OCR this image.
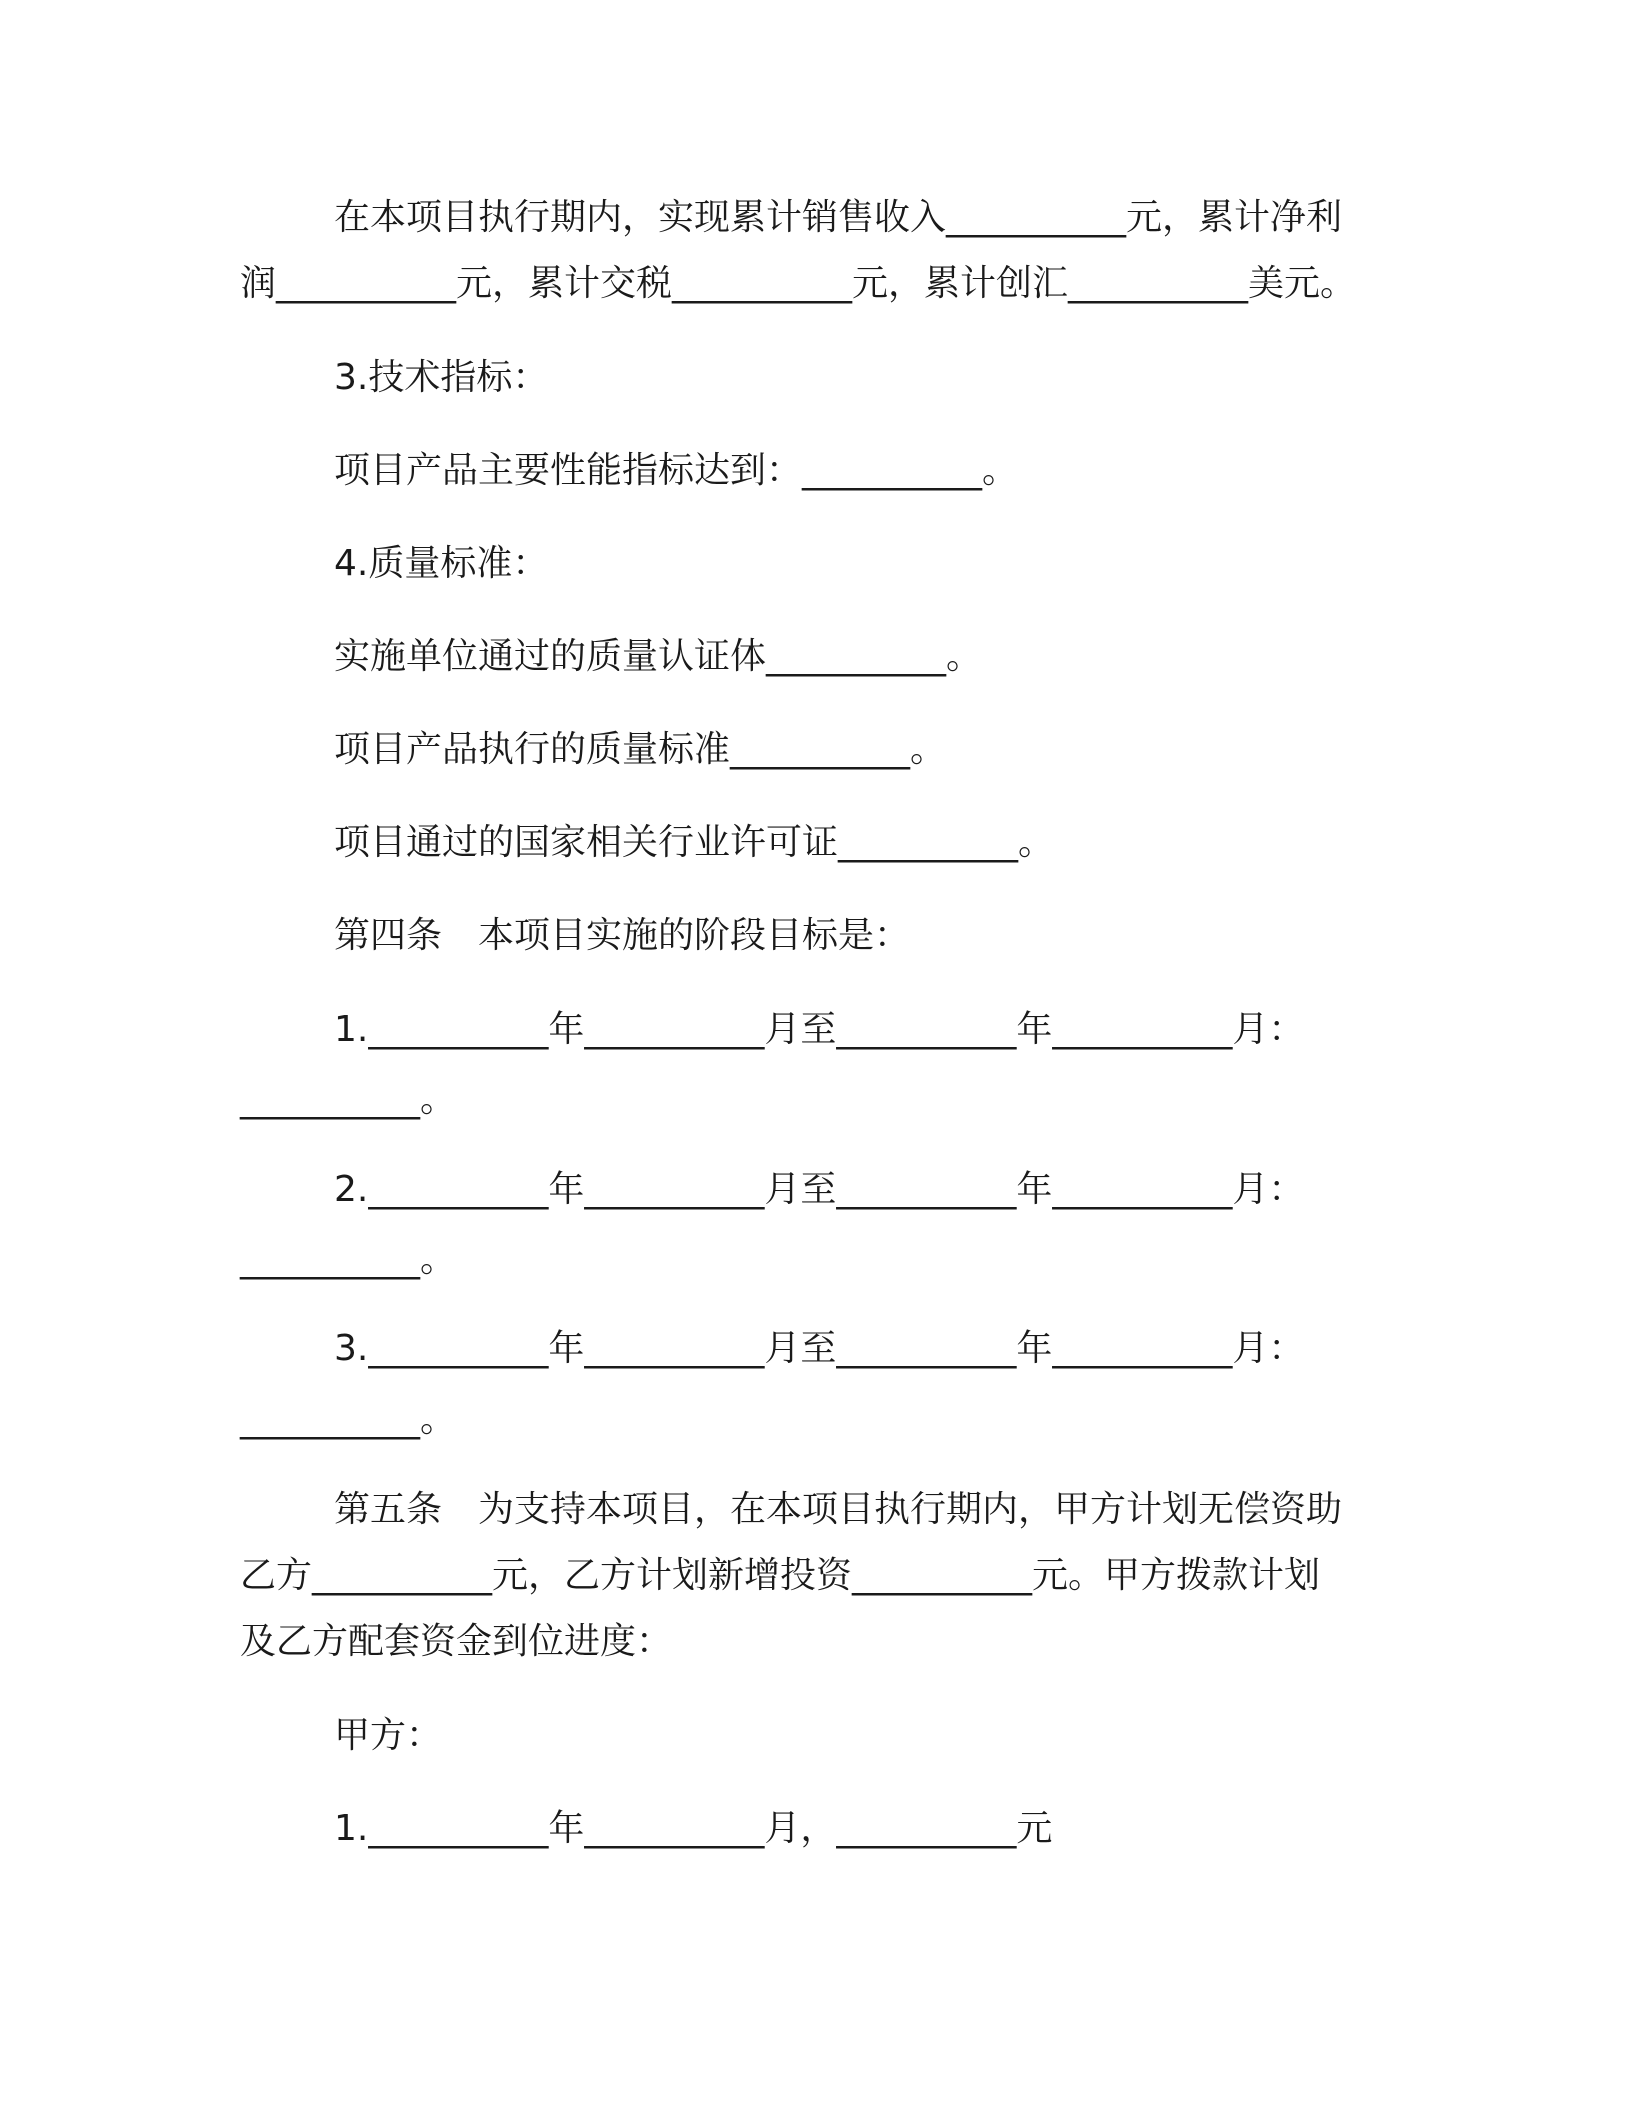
在本项目执行期内，实现累计销售收入__________元，累计净利
润__________元，累计交税__________元，累计创汇__________美元。
3.技术指标：
项目产品主要性能指标达到：__________。
4.质量标准：
实施单位通过的质量认证体__________。
项目产品执行的质量标准__________。
项目通过的国家相关行业许可证__________。
第四条　本项目实施的阶段目标是：
1.__________年__________月至__________年__________月：
__________。
2.__________年__________月至__________年__________月：
__________。
3.__________年__________月至__________年__________月：
__________。
第五条　为支持本项目，在本项目执行期内，甲方计划无偿资助
乙方__________元，乙方计划新增投资__________元。甲方拨款计划
及乙方配套资金到位进度：
甲方：
1.__________年__________月，__________元
